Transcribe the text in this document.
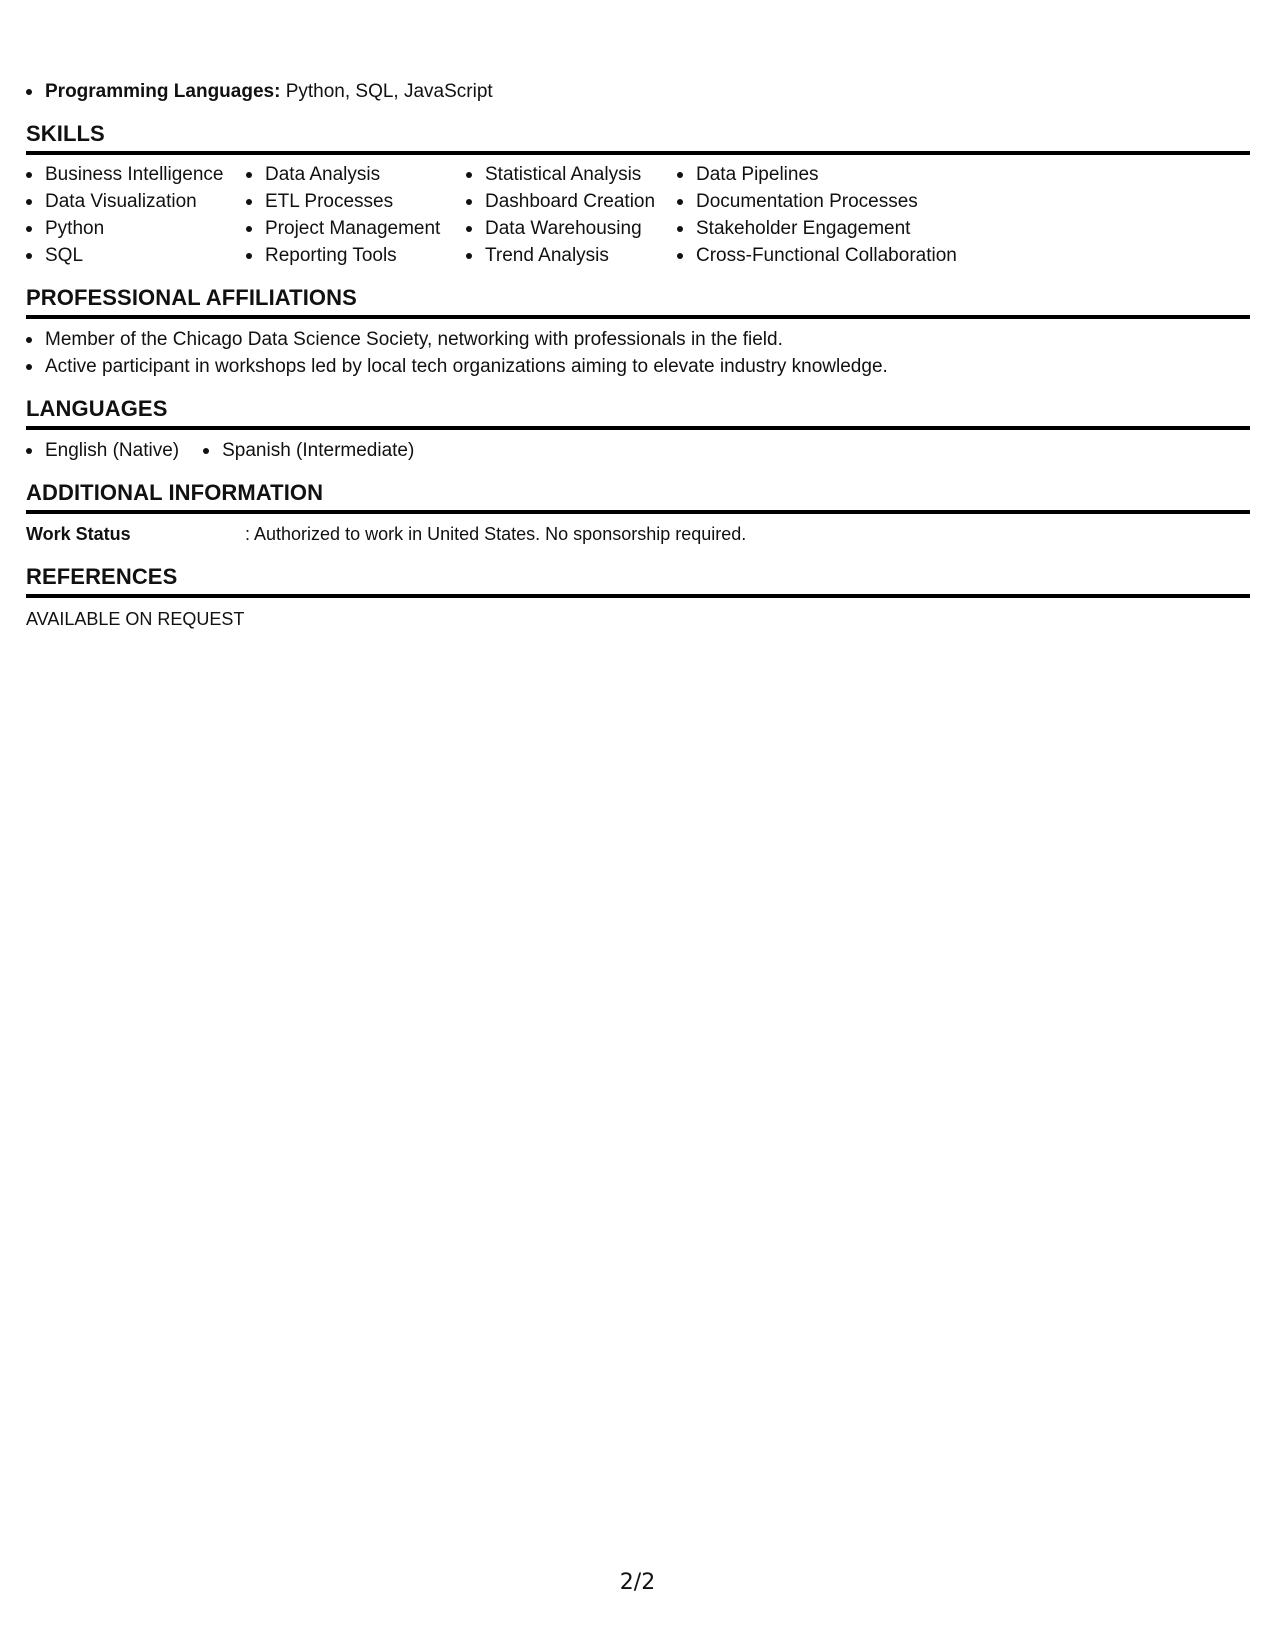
Programming Languages: Python, SQL, JavaScript
SKILLS
Business Intelligence
Data Visualization
Python
SQL
Data Analysis
ETL Processes
Project Management
Reporting Tools
Statistical Analysis
Dashboard Creation
Data Warehousing
Trend Analysis
Data Pipelines
Documentation Processes
Stakeholder Engagement
Cross-Functional Collaboration
PROFESSIONAL AFFILIATIONS
Member of the Chicago Data Science Society, networking with professionals in the field.
Active participant in workshops led by local tech organizations aiming to elevate industry knowledge.
LANGUAGES
English (Native)	Spanish (Intermediate)
ADDITIONAL INFORMATION
Work Status	: Authorized to work in United States. No sponsorship required.
REFERENCES
AVAILABLE ON REQUEST
2/2
